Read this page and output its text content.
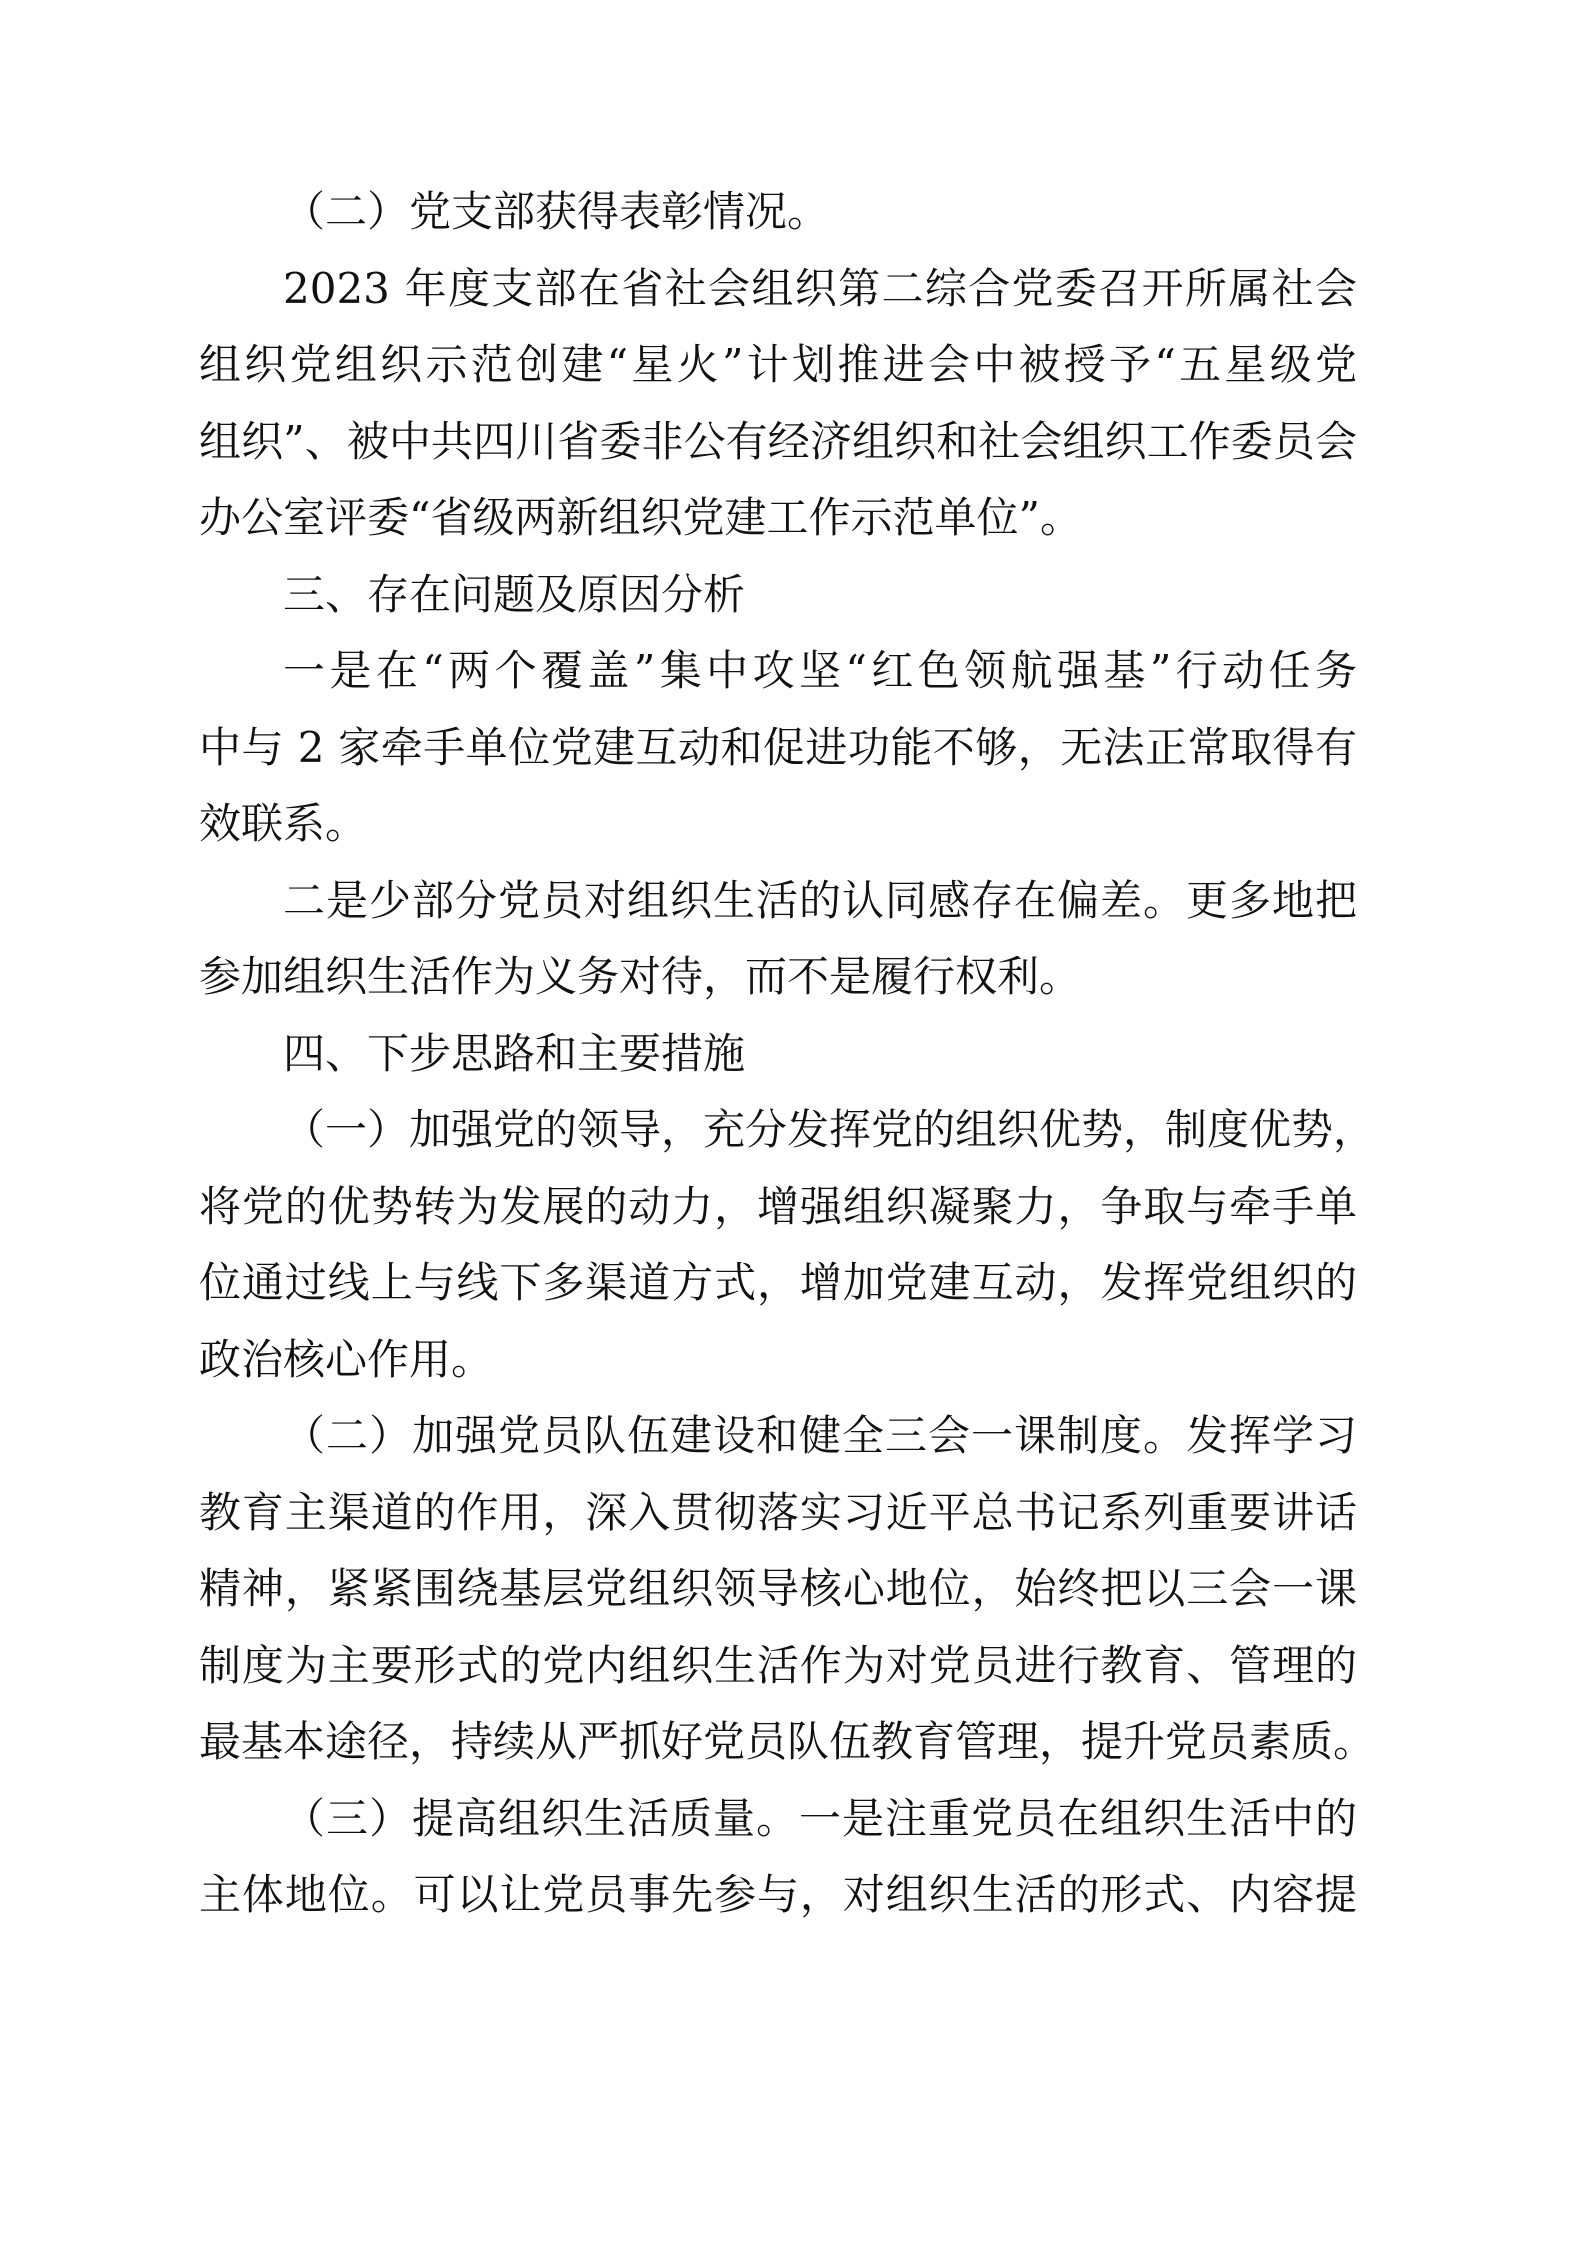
（二）党支部获得表彰情况。
2023 年度支部在省社会组织第二综合党委召开所属社会
组织党组织示范创建“星火”计划推进会中被授予“五星级党
组织”、被中共四川省委非公有经济组织和社会组织工作委员会
办公室评委“省级两新组织党建工作示范单位”。
三、存在问题及原因分析
一是在“两个覆盖”集中攻坚“红色领航强基”行动任务
中与 2 家牵手单位党建互动和促进功能不够，无法正常取得有
效联系。
二是少部分党员对组织生活的认同感存在偏差。更多地把
参加组织生活作为义务对待，而不是履行权利。
四、下步思路和主要措施
（一）加强党的领导，充分发挥党的组织优势，制度优势，
将党的优势转为发展的动力，增强组织凝聚力，争取与牵手单
位通过线上与线下多渠道方式，增加党建互动，发挥党组织的
政治核心作用。
（二）加强党员队伍建设和健全三会一课制度。发挥学习
教育主渠道的作用，深入贯彻落实习近平总书记系列重要讲话
精神，紧紧围绕基层党组织领导核心地位，始终把以三会一课
制度为主要形式的党内组织生活作为对党员进行教育、管理的
最基本途径，持续从严抓好党员队伍教育管理，提升党员素质。
（三）提高组织生活质量。一是注重党员在组织生活中的
主体地位。可以让党员事先参与，对组织生活的形式、内容提
